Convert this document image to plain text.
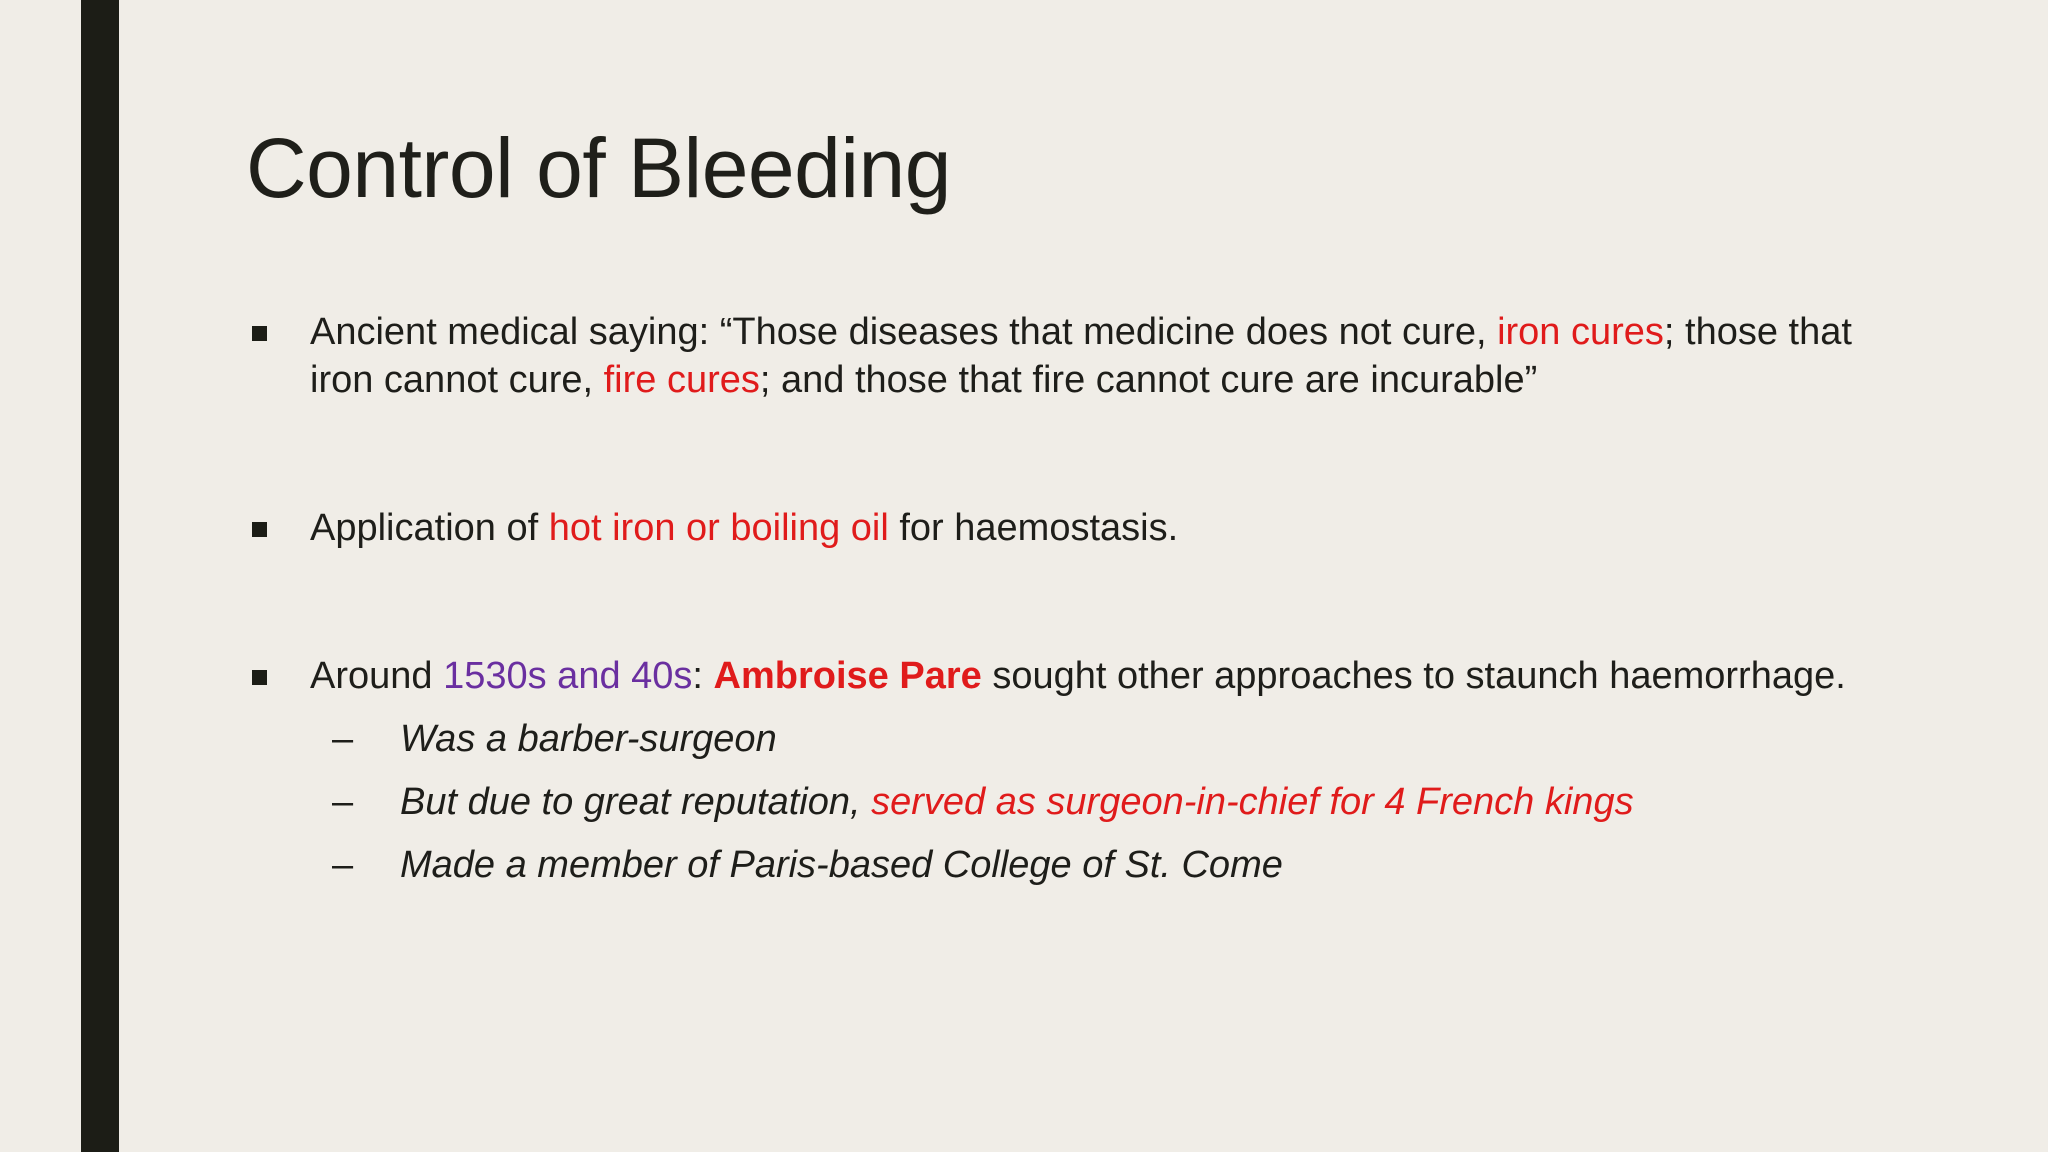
Control of Bleeding
Ancient medical saying: “Those diseases that medicine does not cure, iron cures; those that iron cannot cure, fire cures; and those that fire cannot cure are incurable”
Application of hot iron or boiling oil for haemostasis.
Around 1530s and 40s: Ambroise Pare sought other approaches to staunch haemorrhage.
– Was a barber-surgeon
– But due to great reputation, served as surgeon-in-chief for 4 French kings
– Made a member of Paris-based College of St. Come
